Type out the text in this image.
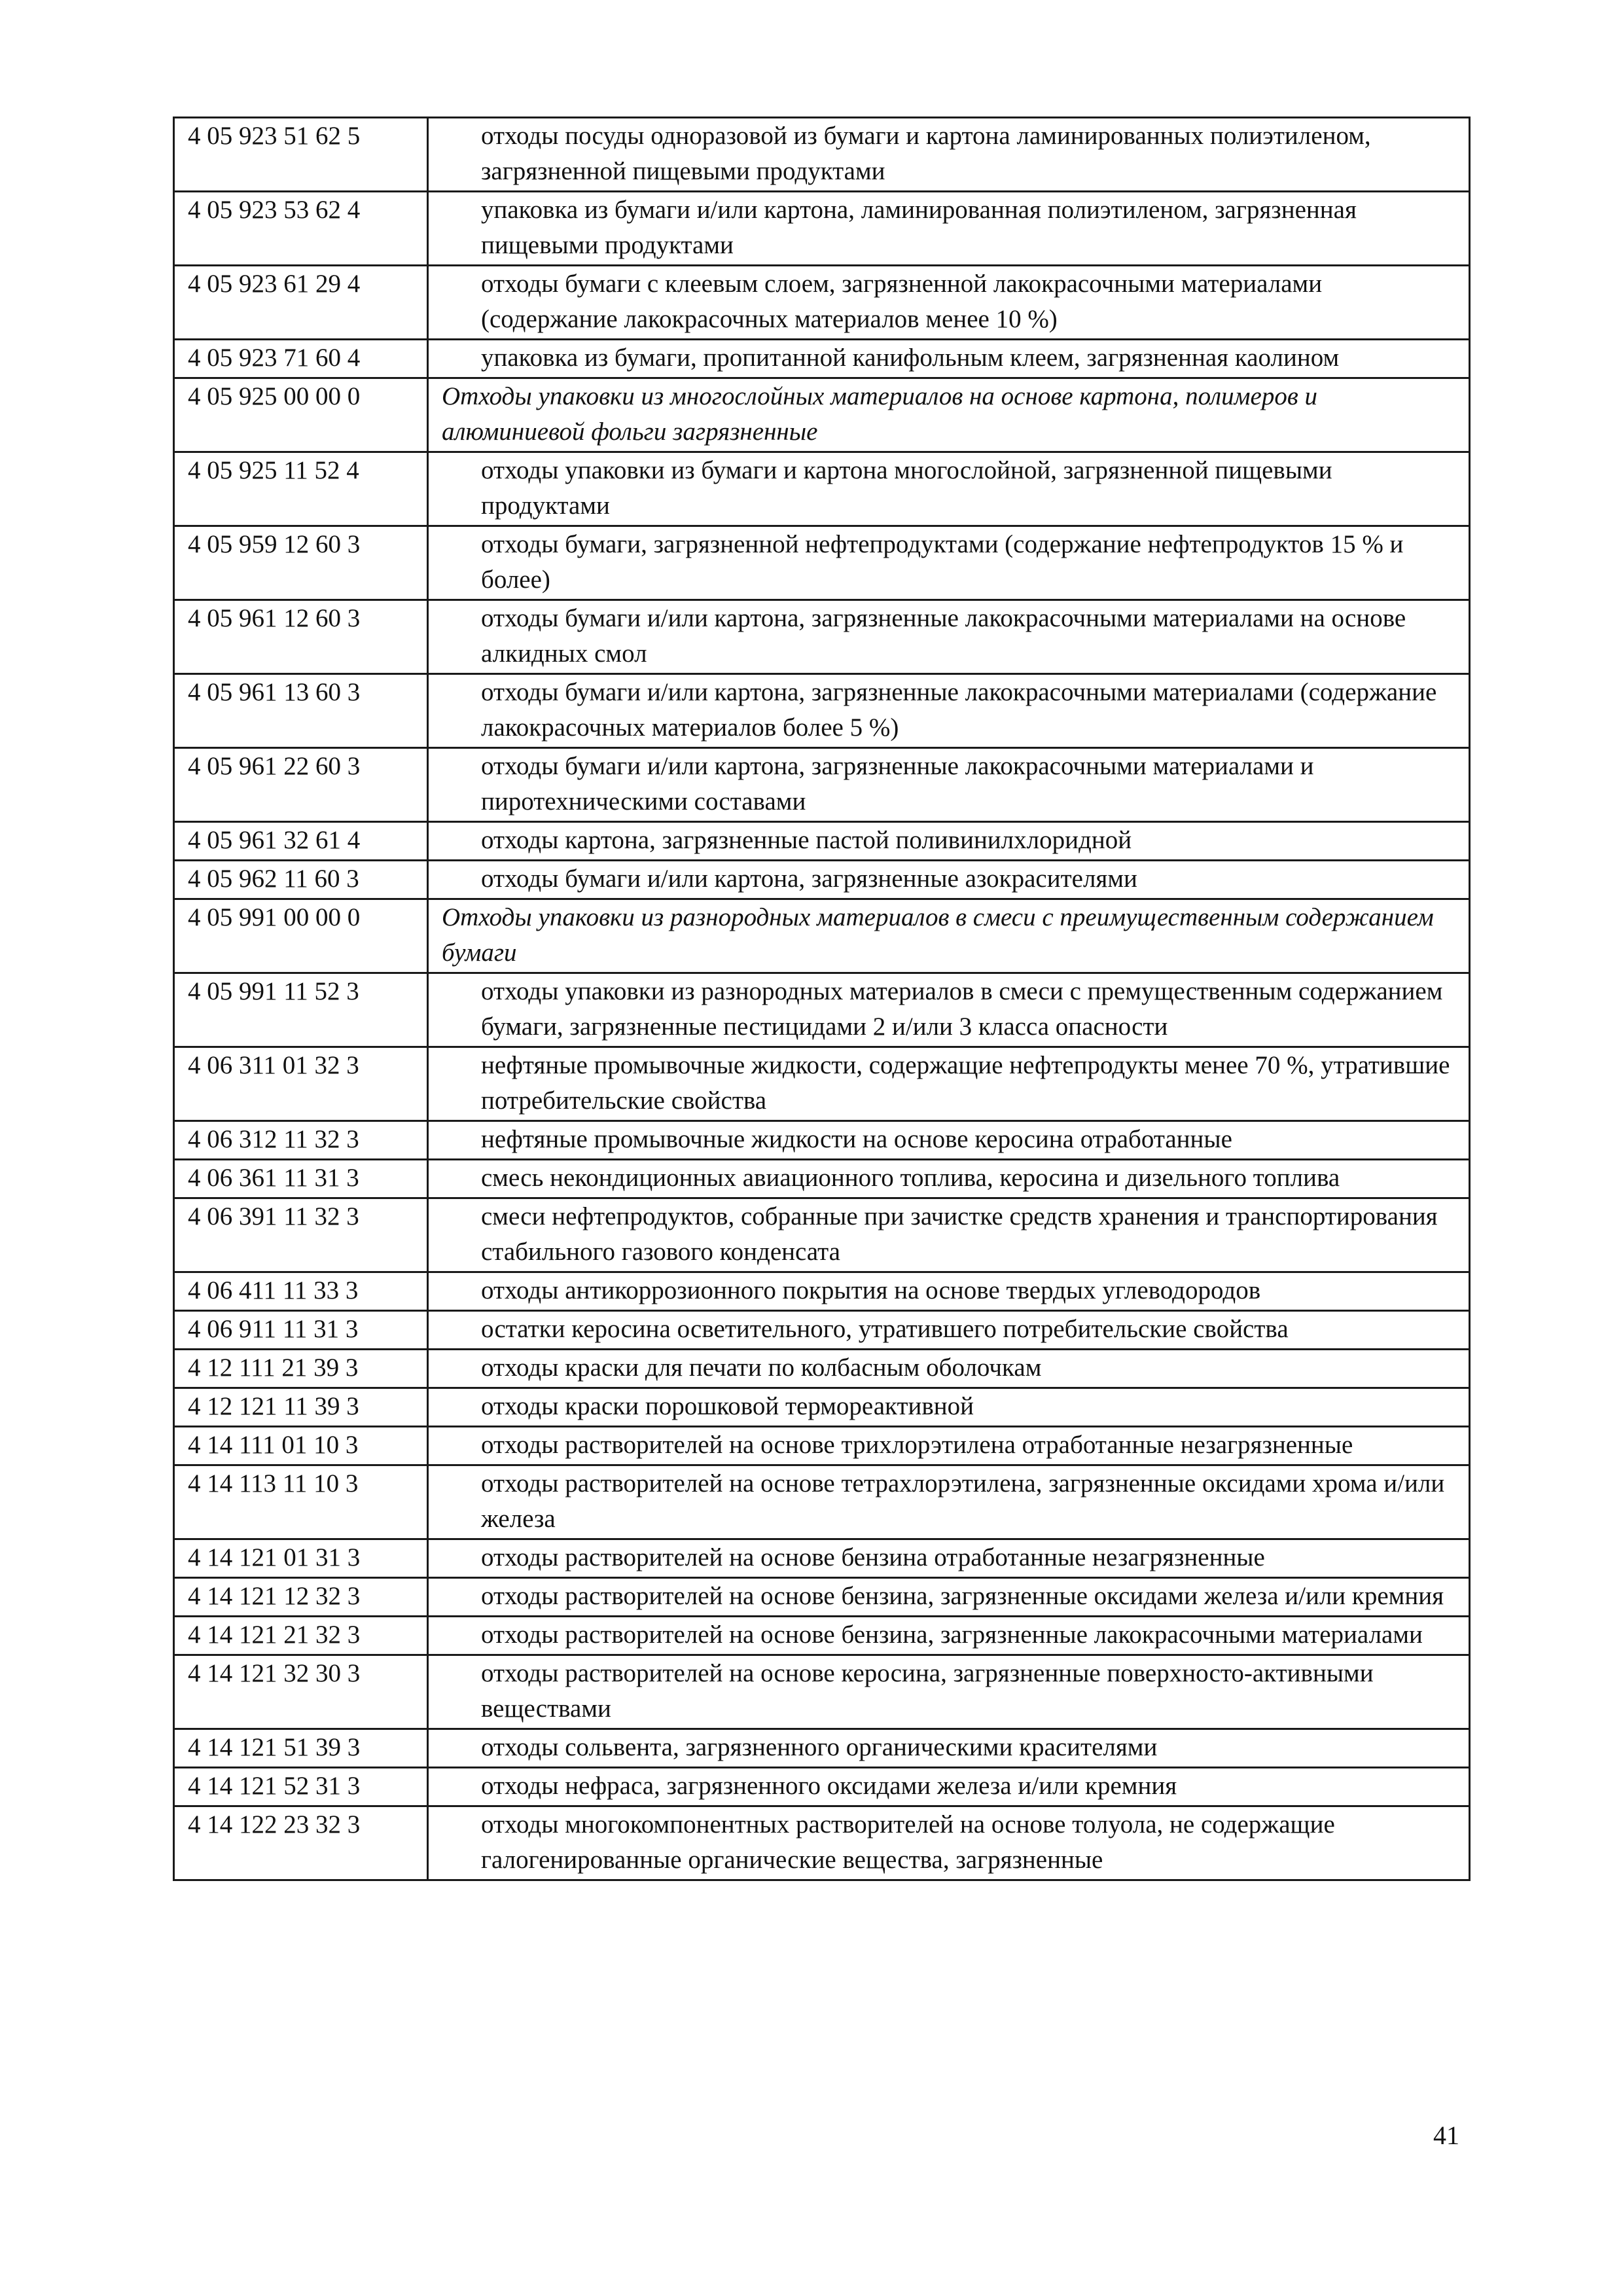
4 05 923 51 62 5	отходы посуды одноразовой из бумаги и картона ламинированных полиэтиленом, загрязненной пищевыми продуктами
4 05 923 53 62 4	упаковка из бумаги и/или картона, ламинированная полиэтиленом, загрязненная пищевыми продуктами
4 05 923 61 29 4	отходы бумаги с клеевым слоем, загрязненной лакокрасочными материалами (содержание лакокрасочных материалов менее 10 %)
4 05 923 71 60 4	упаковка из бумаги, пропитанной канифольным клеем, загрязненная каолином
4 05 925 00 00 0	Отходы упаковки из многослойных материалов на основе картона, полимеров и алюминиевой фольги загрязненные
4 05 925 11 52 4	отходы упаковки из бумаги и картона многослойной, загрязненной пищевыми продуктами
4 05 959 12 60 3	отходы бумаги, загрязненной нефтепродуктами (содержание нефтепродуктов 15 % и более)
4 05 961 12 60 3	отходы бумаги и/или картона, загрязненные лакокрасочными материалами на основе алкидных смол
4 05 961 13 60 3	отходы бумаги и/или картона, загрязненные лакокрасочными материалами (содержание лакокрасочных материалов более 5 %)
4 05 961 22 60 3	отходы бумаги и/или картона, загрязненные лакокрасочными материалами и пиротехническими составами
4 05 961 32 61 4	отходы картона, загрязненные пастой поливинилхлоридной
4 05 962 11 60 3	отходы бумаги и/или картона, загрязненные азокрасителями
4 05 991 00 00 0	Отходы упаковки из разнородных материалов в смеси с преимущественным содержанием бумаги
4 05 991 11 52 3	отходы упаковки из разнородных материалов в смеси с премущественным содержанием бумаги, загрязненные пестицидами 2 и/или 3 класса опасности
4 06 311 01 32 3	нефтяные промывочные жидкости, содержащие нефтепродукты менее 70 %, утратившие потребительские свойства
4 06 312 11 32 3	нефтяные промывочные жидкости на основе керосина отработанные
4 06 361 11 31 3	смесь некондиционных авиационного топлива, керосина и дизельного топлива
4 06 391 11 32 3	смеси нефтепродуктов, собранные при зачистке средств хранения и транспортирования стабильного газового конденсата
4 06 411 11 33 3	отходы антикоррозионного покрытия на основе твердых углеводородов
4 06 911 11 31 3	остатки керосина осветительного, утратившего потребительские свойства
4 12 111 21 39 3	отходы краски для печати по колбасным оболочкам
4 12 121 11 39 3	отходы краски порошковой термореактивной
4 14 111 01 10 3	отходы растворителей на основе трихлорэтилена отработанные незагрязненные
4 14 113 11 10 3	отходы растворителей на основе тетрахлорэтилена, загрязненные оксидами хрома и/или железа
4 14 121 01 31 3	отходы растворителей на основе бензина отработанные незагрязненные
4 14 121 12 32 3	отходы растворителей на основе бензина, загрязненные оксидами железа и/или кремния
4 14 121 21 32 3	отходы растворителей на основе бензина, загрязненные лакокрасочными материалами
4 14 121 32 30 3	отходы растворителей на основе керосина, загрязненные поверхносто-активными веществами
4 14 121 51 39 3	отходы сольвента, загрязненного органическими красителями
4 14 121 52 31 3	отходы нефраса, загрязненного оксидами железа и/или кремния
4 14 122 23 32 3	отходы многокомпонентных растворителей на основе толуола, не содержащие галогенированные органические вещества, загрязненные
41
